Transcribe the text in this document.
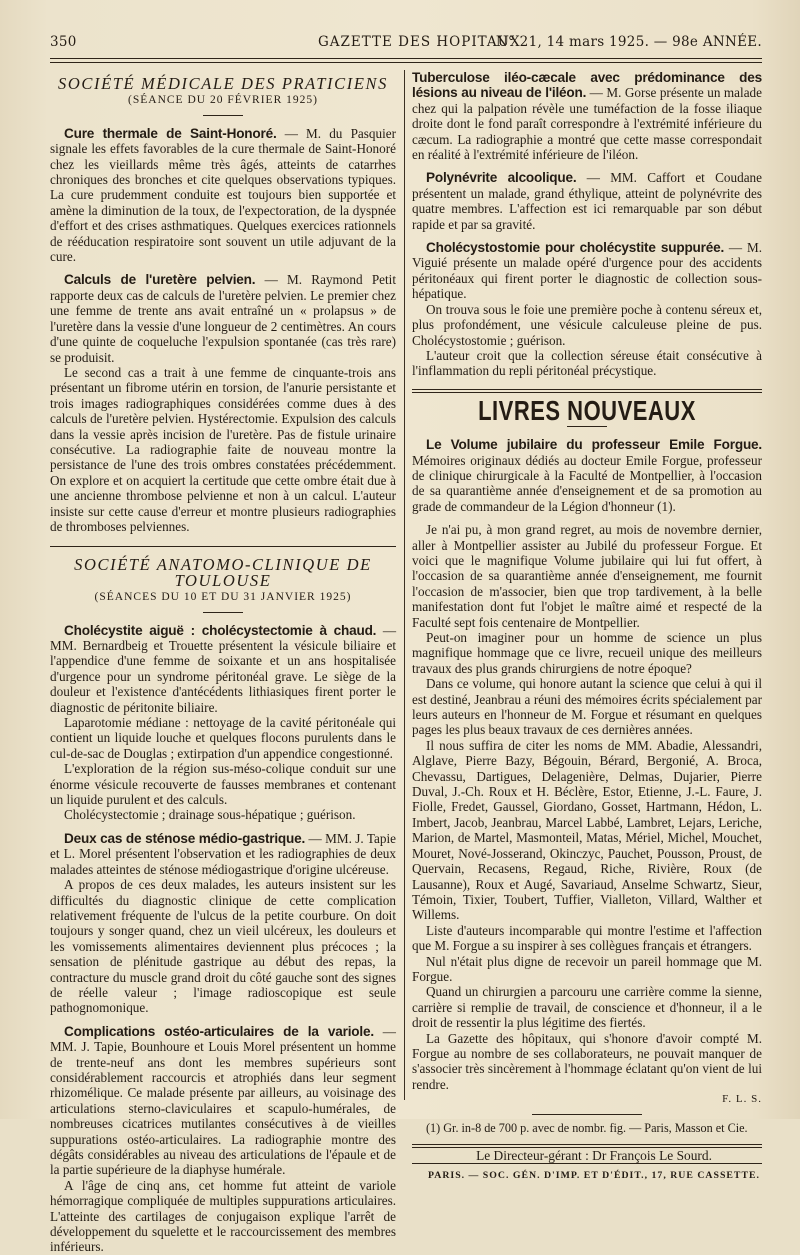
350	GAZETTE DES HOPITAUX
N° 21, 14 mars 1925. — 98e ANNÉE.
SOCIÉTÉ MÉDICALE DES PRATICIENS
(SÉANCE DU 20 FÉVRIER 1925)

Cure thermale de Saint-Honoré. — M. du Pasquier signale les effets favorables de la cure thermale de Saint-Honoré chez les vieillards même très âgés, atteints de catarrhes chroniques des bronches et cite quelques observations typiques. La cure prudemment conduite est toujours bien supportée et amène la diminution de la toux, de l'expectoration, de la dyspnée d'effort et des crises asthmatiques. Quelques exercices rationnels de rééducation respiratoire sont souvent un utile adjuvant de la cure.

Calculs de l'uretère pelvien. — M. Raymond Petit rapporte deux cas de calculs de l'uretère pelvien. Le premier chez une femme de trente ans avait entraîné un « prolapsus » de l'uretère dans la vessie d'une longueur de 2 centimètres. An cours d'une quinte de coqueluche l'expulsion spontanée (cas très rare) se produisit.

Le second cas a trait à une femme de cinquante-trois ans présentant un fibrome utérin en torsion, de l'anurie persistante et trois images radiographiques considérées comme dues à des calculs de l'uretère pelvien. Hystérectomie. Expulsion des calculs dans la vessie après incision de l'uretère. Pas de fistule urinaire consécutive. La radiographie faite de nouveau montre la persistance de l'une des trois ombres constatées précédemment. On explore et on acquiert la certitude que cette ombre était due à une ancienne thrombose pelvienne et non à un calcul. L'auteur insiste sur cette cause d'erreur et montre plusieurs radiographies de thromboses pelviennes.

SOCIÉTÉ ANATOMO-CLINIQUE DE TOULOUSE
(SÉANCES DU 10 ET DU 31 JANVIER 1925)

Cholécystite aiguë : cholécystectomie à chaud. — MM. Bernardbeig et Trouette présentent la vésicule biliaire et l'appendice d'une femme de soixante et un ans hospitalisée d'urgence pour un syndrome péritonéal grave. Le siège de la douleur et l'existence d'antécédents lithiasiques firent porter le diagnostic de péritonite biliaire.

Laparotomie médiane : nettoyage de la cavité péritonéale qui contient un liquide louche et quelques flocons purulents dans le cul-de-sac de Douglas ; extirpation d'un appendice congestionné.

L'exploration de la région sus-méso-colique conduit sur une énorme vésicule recouverte de fausses membranes et contenant un liquide purulent et des calculs.

Cholécystectomie ; drainage sous-hépatique ; guérison.

Deux cas de sténose médio-gastrique. — MM. J. Tapie et L. Morel présentent l'observation et les radiographies de deux malades atteintes de sténose médiogastrique d'origine ulcéreuse.

A propos de ces deux malades, les auteurs insistent sur les difficultés du diagnostic clinique de cette complication relativement fréquente de l'ulcus de la petite courbure. On doit toujours y songer quand, chez un vieil ulcéreux, les douleurs et les vomissements alimentaires deviennent plus précoces ; la sensation de plénitude gastrique au début des repas, la contracture du muscle grand droit du côté gauche sont des signes de réelle valeur ; l'image radioscopique est seule pathognomonique.

Complications ostéo-articulaires de la variole. — MM. J. Tapie, Bounhoure et Louis Morel présentent un homme de trente-neuf ans dont les membres supérieurs sont considérablement raccourcis et atrophiés dans leur segment rhizomélique. Ce malade présente par ailleurs, au voisinage des articulations sterno-claviculaires et scapulo-humérales, de nombreuses cicatrices mutilantes consécutives à de vieilles suppurations ostéo-articulaires. La radiographie montre des dégâts considérables au niveau des articulations de l'épaule et de la partie supérieure de la diaphyse humérale.

A l'âge de cinq ans, cet homme fut atteint de variole hémorragique compliquée de multiples suppurations articulaires. L'atteinte des cartilages de conjugaison explique l'arrêt de développement du squelette et le raccourcissement des membres inférieurs.

Tuberculose iléo-cæcale avec prédominance des lésions au niveau de l'iléon. — M. Gorse présente un malade chez qui la palpation révèle une tuméfaction de la fosse iliaque droite dont le fond paraît correspondre à l'extrémité inférieure du cæcum. La radiographie a montré que cette masse correspondait en réalité à l'extrémité inférieure de l'iléon.

Polynévrite alcoolique. — MM. Caffort et Coudane présentent un malade, grand éthylique, atteint de polynévrite des quatre membres. L'affection est ici remarquable par son début rapide et par sa gravité.

Cholécystostomie pour cholécystite suppurée. — M. Viguié présente un malade opéré d'urgence pour des accidents péritonéaux qui firent porter le diagnostic de collection sous-hépatique.

On trouva sous le foie une première poche à contenu séreux et, plus profondément, une vésicule calculeuse pleine de pus. Cholécystostomie ; guérison.

L'auteur croit que la collection séreuse était consécutive à l'inflammation du repli péritonéal précystique.

LIVRES NOUVEAUX

Le Volume jubilaire du professeur Emile Forgue. Mémoires originaux dédiés au docteur Emile Forgue, professeur de clinique chirurgicale à la Faculté de Montpellier, à l'occasion de sa quarantième année d'enseignement et de sa promotion au grade de commandeur de la Légion d'honneur (1).

Je n'ai pu, à mon grand regret, au mois de novembre dernier, aller à Montpellier assister au Jubilé du professeur Forgue. Et voici que le magnifique Volume jubilaire qui lui fut offert, à l'occasion de sa quarantième année d'enseignement, me fournit l'occasion de m'associer, bien que trop tardivement, à la belle manifestation dont fut l'objet le maître aimé et respecté de la Faculté sept fois centenaire de Montpellier.

Peut-on imaginer pour un homme de science un plus magnifique hommage que ce livre, recueil unique des meilleurs travaux des plus grands chirurgiens de notre époque?

Dans ce volume, qui honore autant la science que celui à qui il est destiné, Jeanbrau a réuni des mémoires écrits spécialement par leurs auteurs en l'honneur de M. Forgue et résumant en quelques pages les plus beaux travaux de ces dernières années.

Il nous suffira de citer les noms de MM. Abadie, Alessandri, Alglave, Pierre Bazy, Bégouin, Bérard, Bergonié, A. Broca, Chevassu, Dartigues, Delagenière, Delmas, Dujarier, Pierre Duval, J.-Ch. Roux et H. Béclère, Estor, Etienne, J.-L. Faure, J. Fiolle, Fredet, Gaussel, Giordano, Gosset, Hartmann, Hédon, L. Imbert, Jacob, Jeanbrau, Marcel Labbé, Lambret, Lejars, Leriche, Marion, de Martel, Masmonteil, Matas, Mériel, Michel, Mouchet, Mouret, Nové-Josserand, Okinczyc, Pauchet, Pousson, Proust, de Quervain, Recasens, Regaud, Riche, Rivière, Roux (de Lausanne), Roux et Augé, Savariaud, Anselme Schwartz, Sieur, Témoin, Tixier, Toubert, Tuffier, Vialleton, Villard, Walther et Willems.

Liste d'auteurs incomparable qui montre l'estime et l'affection que M. Forgue a su inspirer à ses collègues français et étrangers.

Nul n'était plus digne de recevoir un pareil hommage que M. Forgue.

Quand un chirurgien a parcouru une carrière comme la sienne, carrière si remplie de travail, de conscience et d'honneur, il a le droit de ressentir la plus légitime des fiertés.

La Gazette des hôpitaux, qui s'honore d'avoir compté M. Forgue au nombre de ses collaborateurs, ne pouvait manquer de s'associer très sincèrement à l'hommage éclatant qu'on vient de lui rendre.

F. L. S.

(1) Gr. in-8 de 700 p. avec de nombr. fig. — Paris, Masson et Cie.

Le Directeur-gérant : Dr François Le Sourd.

PARIS. — SOC. GÉN. D'IMP. ET D'ÉDIT., 17, RUE CASSETTE.
